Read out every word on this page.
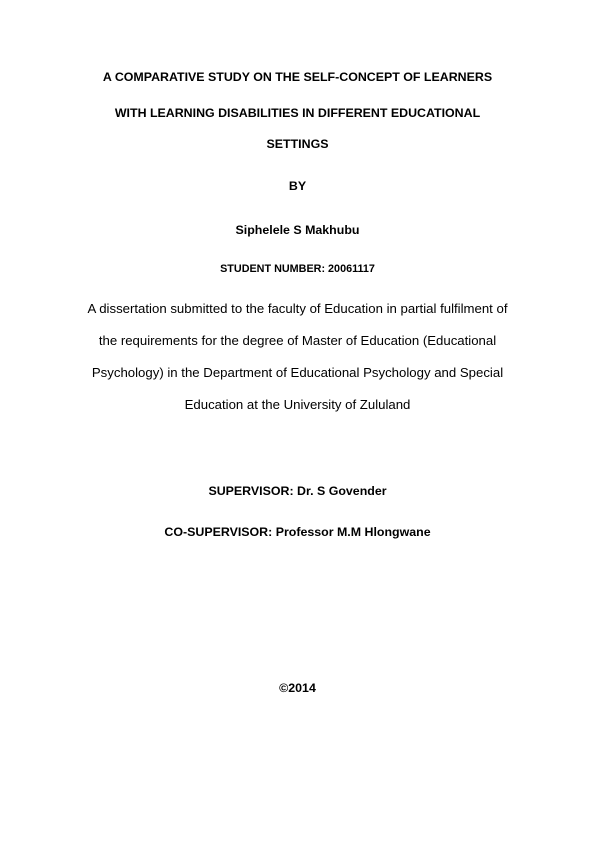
A COMPARATIVE STUDY ON THE SELF-CONCEPT OF LEARNERS
WITH LEARNING DISABILITIES IN DIFFERENT EDUCATIONAL
SETTINGS
BY
Siphelele S Makhubu
STUDENT NUMBER: 20061117
A dissertation submitted to the faculty of Education in partial fulfilment of
the requirements for the degree of Master of Education (Educational
Psychology) in the Department of Educational Psychology and Special
Education at the University of Zululand
SUPERVISOR: Dr. S Govender
CO-SUPERVISOR: Professor M.M Hlongwane
©2014
